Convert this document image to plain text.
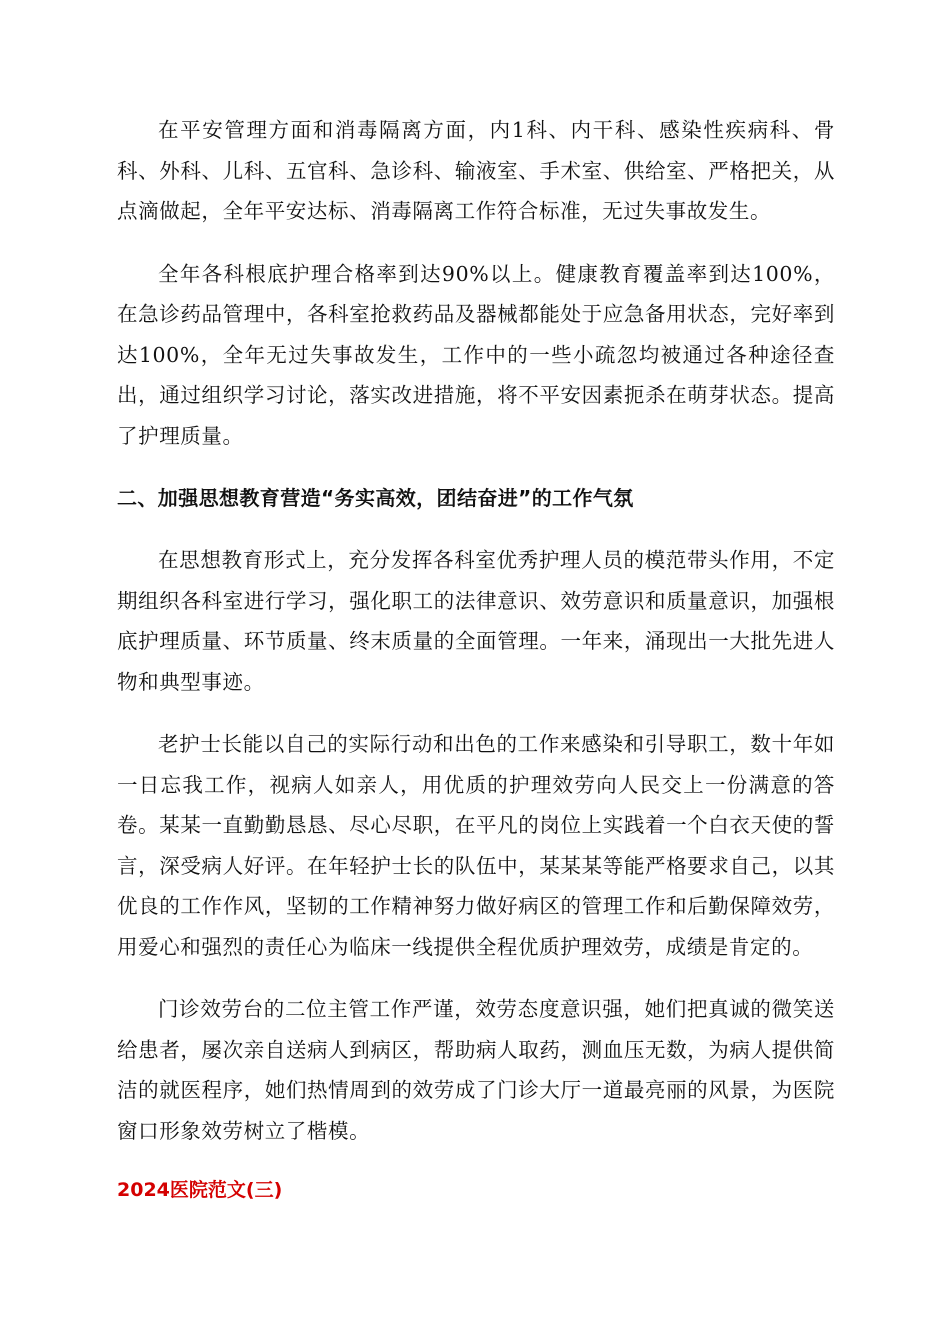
在平安管理方面和消毒隔离方面，内1科、内干科、感染性疾病科、骨科、外科、儿科、五官科、急诊科、输液室、手术室、供给室、严格把关，从点滴做起，全年平安达标、消毒隔离工作符合标准，无过失事故发生。

全年各科根底护理合格率到达90%以上。健康教育覆盖率到达100%，在急诊药品管理中，各科室抢救药品及器械都能处于应急备用状态，完好率到达100%，全年无过失事故发生，工作中的一些小疏忽均被通过各种途径查出，通过组织学习讨论，落实改进措施，将不平安因素扼杀在萌芽状态。提高了护理质量。

二、加强思想教育营造“务实高效，团结奋进”的工作气氛

在思想教育形式上，充分发挥各科室优秀护理人员的模范带头作用，不定期组织各科室进行学习，强化职工的法律意识、效劳意识和质量意识，加强根底护理质量、环节质量、终末质量的全面管理。一年来，涌现出一大批先进人物和典型事迹。

老护士长能以自己的实际行动和出色的工作来感染和引导职工，数十年如一日忘我工作，视病人如亲人，用优质的护理效劳向人民交上一份满意的答卷。某某一直勤勤恳恳、尽心尽职，在平凡的岗位上实践着一个白衣天使的誓言，深受病人好评。在年轻护士长的队伍中，某某某等能严格要求自己，以其优良的工作作风，坚韧的工作精神努力做好病区的管理工作和后勤保障效劳，用爱心和强烈的责任心为临床一线提供全程优质护理效劳，成绩是肯定的。

门诊效劳台的二位主管工作严谨，效劳态度意识强，她们把真诚的微笑送给患者，屡次亲自送病人到病区，帮助病人取药，测血压无数，为病人提供简洁的就医程序，她们热情周到的效劳成了门诊大厅一道最亮丽的风景，为医院窗口形象效劳树立了楷模。

2024医院范文(三)
